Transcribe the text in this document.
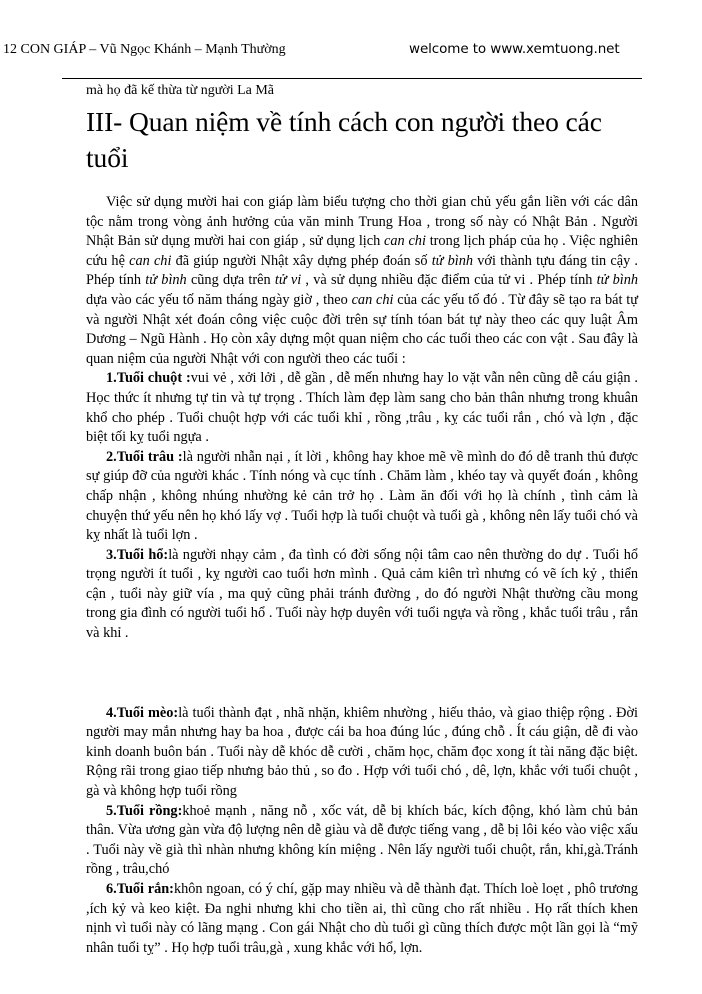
12 CON GIÁP – Vũ Ngọc Khánh – Mạnh Thường	welcome to www.xemtuong.net

mà họ đã kế thừa từ người La Mã

III- Quan niệm về tính cách con người theo các tuổi

Việc sử dụng mười hai con giáp làm biểu tượng cho thời gian chủ yếu gắn liền với các dân tộc nằm trong vòng ảnh hưởng của văn minh Trung Hoa , trong số này có Nhật Bản . Người Nhật Bản sử dụng mười hai con giáp , sử dụng lịch can chi trong lịch pháp của họ . Việc nghiên cứu hệ can chi đã giúp người Nhật xây dựng phép đoán số tử bình với thành tựu đáng tin cậy . Phép tính tử bình cũng dựa trên tử vi , và sử dụng nhiều đặc điểm của tử vi . Phép tính tử bình dựa vào các yếu tố năm tháng ngày giờ , theo can chi của các yếu tố đó . Từ đây sẽ tạo ra bát tự và người Nhật xét đoán công việc cuộc đời trên sự tính tóan bát tự này theo các quy luật Âm Dương – Ngũ Hành . Họ còn xây dựng một quan niệm cho các tuổi theo các con vật . Sau đây là quan niệm của người Nhật với con người theo các tuổi :

1.Tuổi chuột :vui vẻ , xởi lởi , dễ gần , dễ mến nhưng hay lo vặt vẫn nên cũng dễ cáu giận . Học thức ít nhưng tự tin và tự trọng . Thích làm đẹp làm sang cho bản thân nhưng trong khuân khổ cho phép . Tuổi chuột hợp với các tuổi khỉ , rồng ,trâu , kỵ các tuổi rắn , chó và lợn , đặc biệt tối kỵ tuổi ngựa .

2.Tuổi trâu :là người nhẫn nại , ít lời , không hay khoe mẽ về mình do đó dễ tranh thủ được sự giúp đỡ của người khác . Tính nóng và cục tính . Chăm làm , khéo tay và quyết đoán , không chấp nhận , không nhúng nhường kẻ cản trở họ . Làm ăn đối với họ là chính , tình cảm là chuyện thứ yếu nên họ khó lấy vợ . Tuổi hợp là tuổi chuột và tuổi gà , không nên lấy tuổi chó và kỵ nhất là tuổi lợn .

3.Tuổi hổ:là người nhạy cảm , đa tình có đời sống nội tâm cao nên thường do dự . Tuổi hổ trọng người ít tuổi , kỵ người cao tuổi hơn mình . Quả cảm kiên trì nhưng có vẽ ích kỷ , thiển cận , tuổi này giữ vía , ma quỷ cũng phải tránh đường , do đó người Nhật thường cầu mong trong gia đình có người tuổi hổ . Tuổi này hợp duyên với tuổi ngựa và rồng , khắc tuổi trâu , rắn và khỉ .

4.Tuổi mèo:là tuổi thành đạt , nhã nhặn, khiêm nhường , hiếu thảo, và giao thiệp rộng . Đời người may mắn nhưng hay ba hoa , được cái ba hoa đúng lúc , đúng chỗ . Ít cáu giận, dễ đi vào kinh doanh buôn bán . Tuổi này dễ khóc dễ cười , chăm học, chăm đọc xong ít tài năng đặc biệt. Rộng rãi trong giao tiếp nhưng bảo thủ , so đo . Hợp với tuổi chó , dê, lợn, khắc với tuổi chuột , gà và không hợp tuổi rồng

5.Tuổi rồng:khoẻ mạnh , năng nỗ , xốc vát, dễ bị khích bác, kích động, khó làm chủ bản thân. Vừa ương gàn vừa độ lượng nên dễ giàu và dễ được tiếng vang , dễ bị lôi kéo vào việc xấu . Tuổi này về già thì nhàn nhưng không kín miệng . Nên lấy người tuổi chuột, rắn, khỉ,gà.Tránh rồng , trâu,chó

6.Tuổi rắn:khôn ngoan, có ý chí, gặp may nhiều và dễ thành đạt. Thích loè loẹt , phô trương ,ích kỷ và keo kiệt. Đa nghi nhưng khi cho tiền ai, thì cũng cho rất nhiều . Họ rất thích khen nịnh vì tuổi này có lãng mạng . Con gái Nhật cho dù tuổi gì cũng thích được một lần gọi là “mỹ nhân tuổi tỵ” . Họ hợp tuổi trâu,gà , xung khắc với hổ, lợn.
